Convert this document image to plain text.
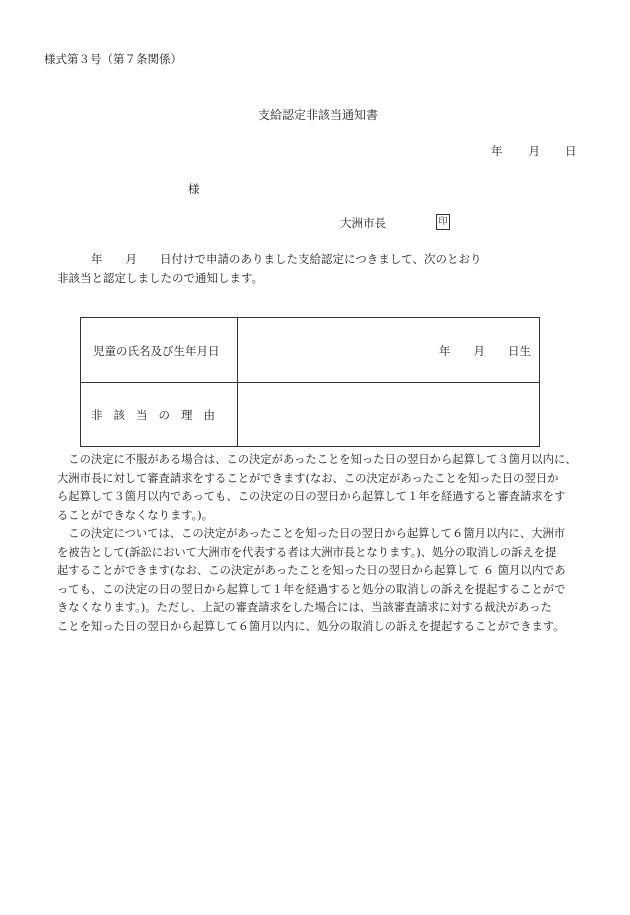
様式第３号（第７条関係）
支給認定非該当通知書
年 月 日
様
大洲市長	印
年　　月　　日付けで申請のありました支給認定につきまして、次のとおり
非該当と認定しましたので通知します。
児童の氏名及び生年月日	年　　月　　日生
非該当の理由
　この決定に不服がある場合は、この決定があったことを知った日の翌日から起算して３箇月以内に、
大洲市長に対して審査請求をすることができます(なお、この決定があったことを知った日の翌日か
ら起算して３箇月以内であっても、この決定の日の翌日から起算して１年を経過すると審査請求をす
ることができなくなります。)。
　この決定については、この決定があったことを知った日の翌日から起算して６箇月以内に、大洲市
を被告として(訴訟において大洲市を代表する者は大洲市長となります。)、処分の取消しの訴えを提
起することができます(なお、この決定があったことを知った日の翌日から起算して ６ 箇月以内であ
っても、この決定の日の翌日から起算して１年を経過すると処分の取消しの訴えを提起することがで
きなくなります。)。ただし、上記の審査請求をした場合には、当該審査請求に対する裁決があった
ことを知った日の翌日から起算して６箇月以内に、処分の取消しの訴えを提起することができます。
